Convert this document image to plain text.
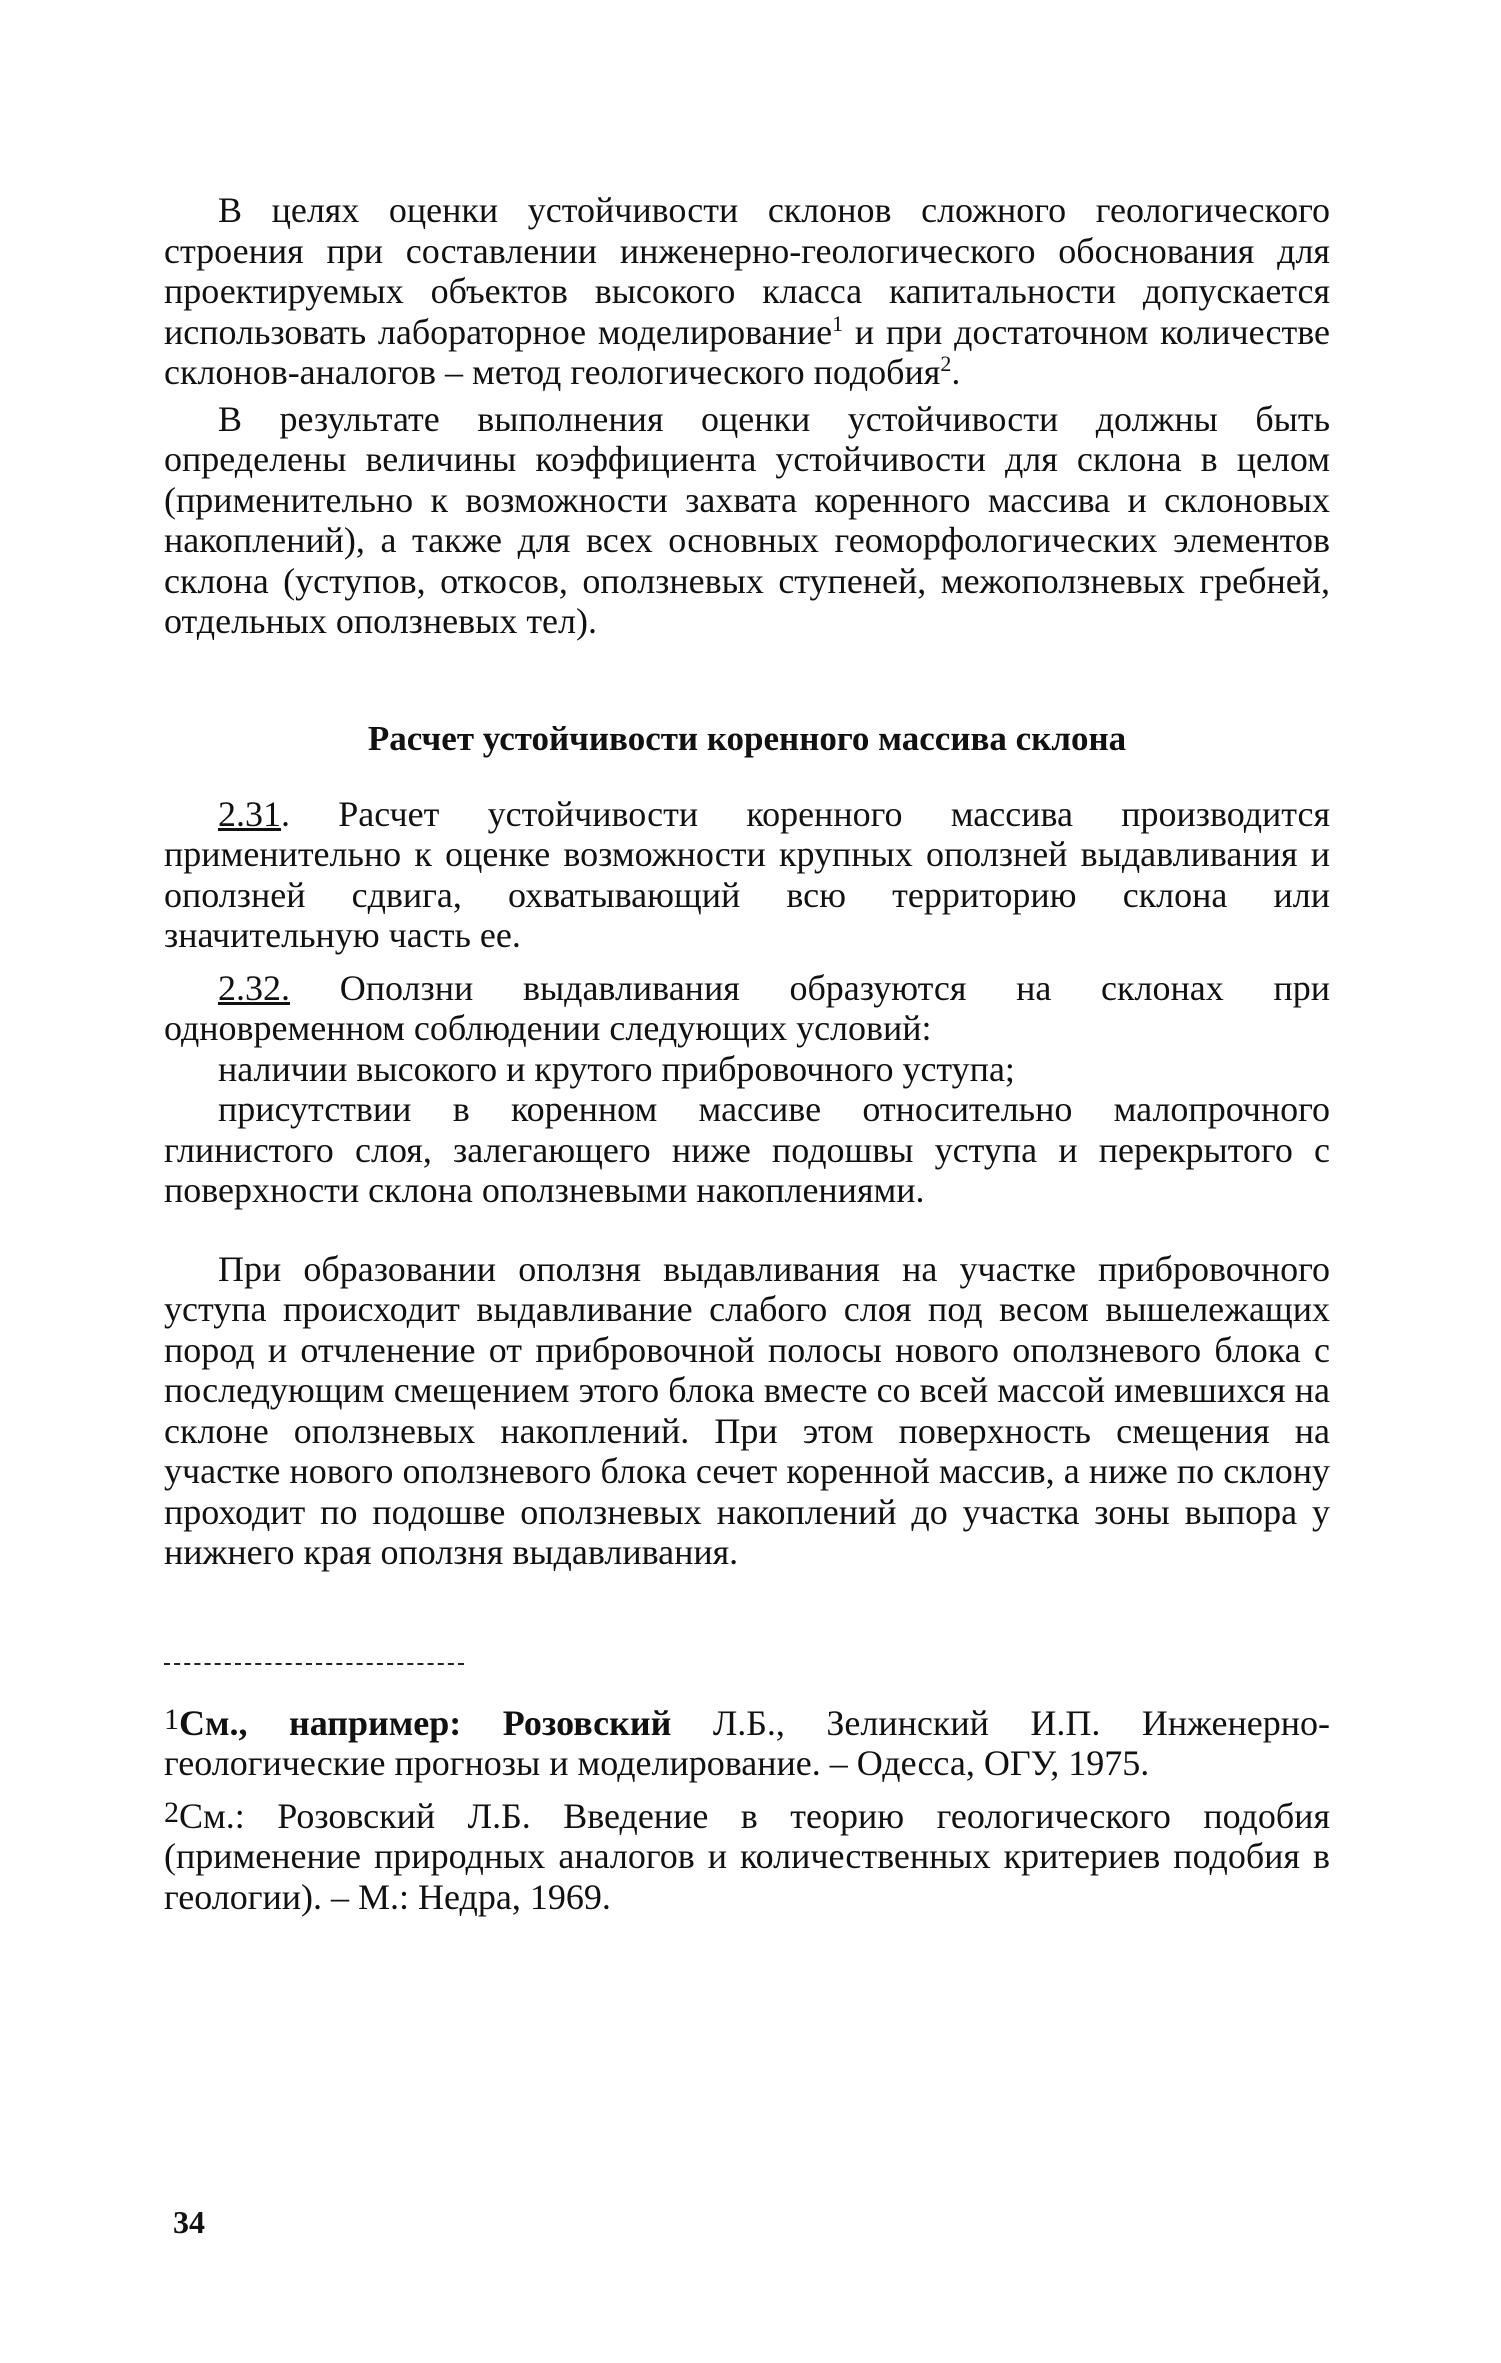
В целях оценки устойчивости склонов сложного геологического строения при составлении инженерно-геологического обоснования для проектируемых объектов высокого класса капитальности допускается использовать лабораторное моделирование$^1$ и при достаточном количестве склонов-аналогов – метод геологического подобия$^2$.

В результате выполнения оценки устойчивости должны быть определены величины коэффициента устойчивости для склона в целом (применительно к возможности захвата коренного массива и склоновых накоплений), а также для всех основных геоморфологических элементов склона (уступов, откосов, оползневых ступеней, межоползневых гребней, отдельных оползневых тел).

Расчет устойчивости коренного массива склона

2.31. Расчет устойчивости коренного массива производится применительно к оценке возможности крупных оползней выдавливания и оползней сдвига, охватывающий всю территорию склона или значительную часть ее.

2.32. Оползни выдавливания образуются на склонах при одновременном соблюдении следующих условий:

наличии высокого и крутого прибровочного уступа;

присутствии в коренном массиве относительно малопрочного глинистого слоя, залегающего ниже подошвы уступа и перекрытого с поверхности склона оползневыми накоплениями.

При образовании оползня выдавливания на участке прибровочного уступа происходит выдавливание слабого слоя под весом вышележащих пород и отчленение от прибровочной полосы нового оползневого блока с последующим смещением этого блока вместе со всей массой имевшихся на склоне оползневых накоплений. При этом поверхность смещения на участке нового оползневого блока сечет коренной массив, а ниже по склону проходит по подошве оползневых накоплений до участка зоны выпора у нижнего края оползня выдавливания.

$^1$См., например: Розовский Л.Б., Зелинский И.П. Инженерно-геологические прогнозы и моделирование. – Одесса, ОГУ, 1975.

$^2$См.: Розовский Л.Б. Введение в теорию геологического подобия (применение природных аналогов и количественных критериев подобия в геологии). – М.: Недра, 1969.

34
